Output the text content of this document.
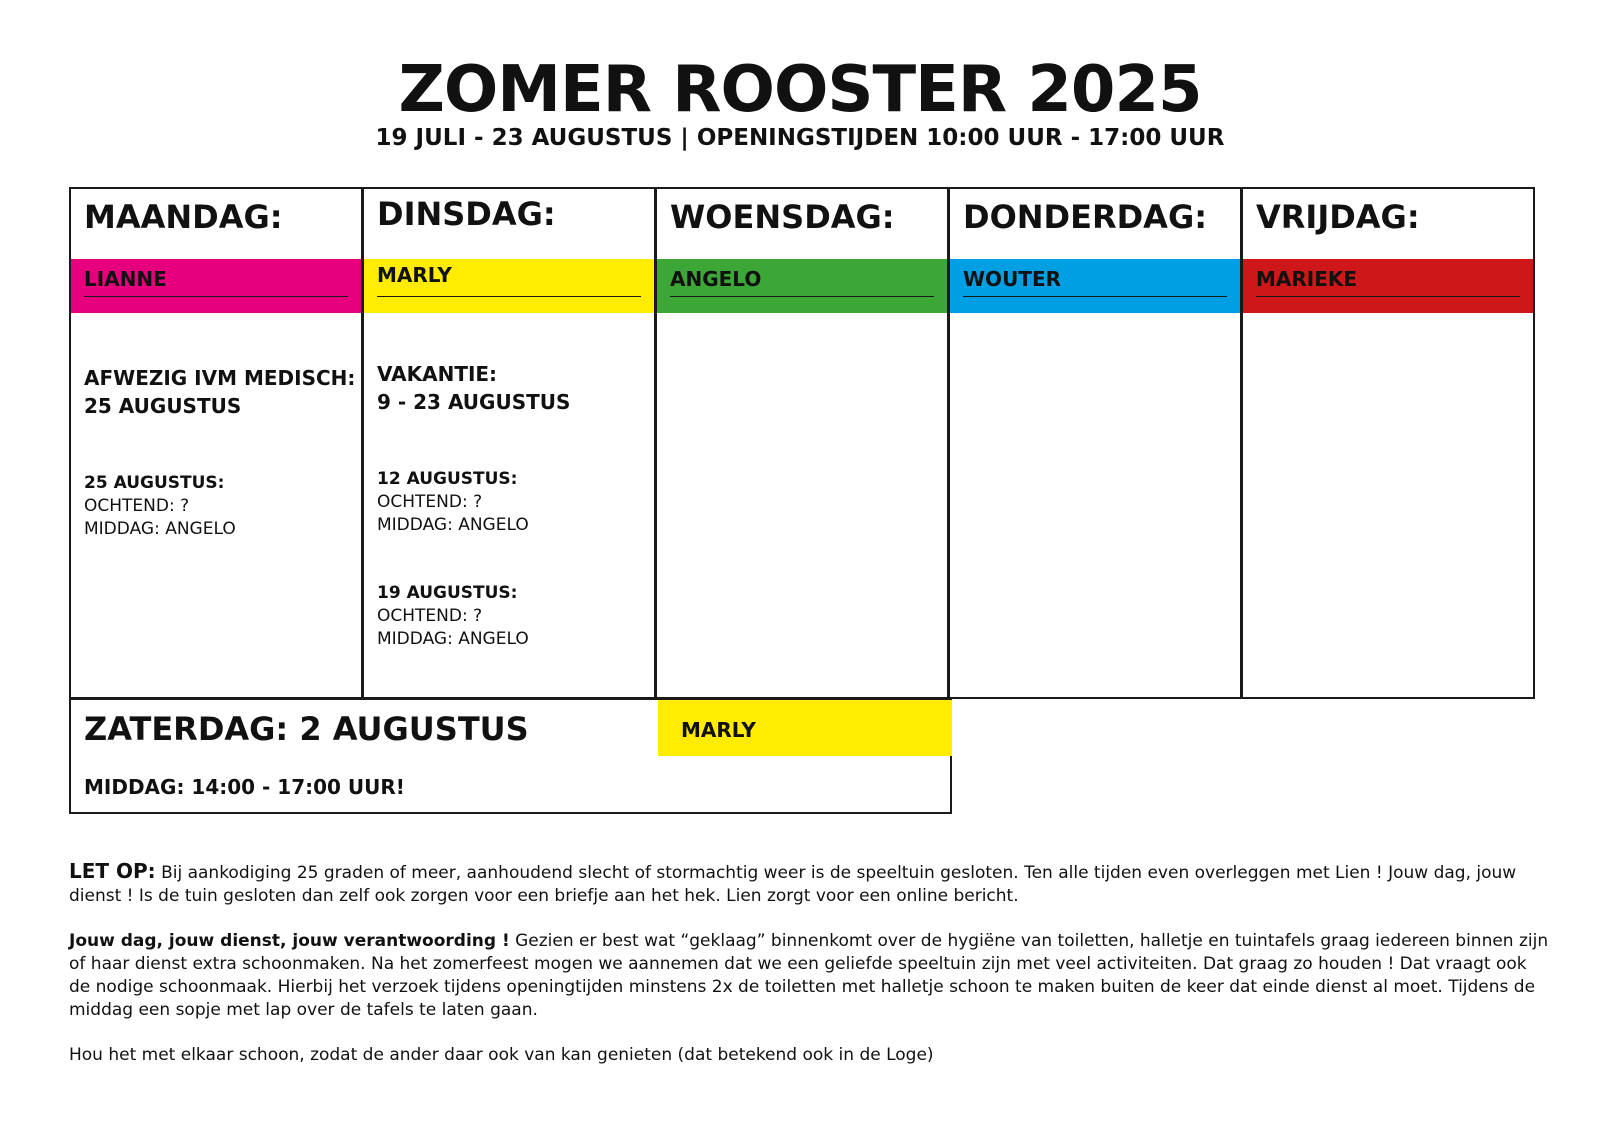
ZOMER ROOSTER 2025
19 JULI - 23 AUGUSTUS | OPENINGSTIJDEN 10:00 UUR - 17:00 UUR
MAANDAG:
LIANNE
AFWEZIG IVM MEDISCH:
25 AUGUSTUS
25 AUGUSTUS:
OCHTEND: ?
MIDDAG: ANGELO
DINSDAG:
MARLY
VAKANTIE:
9 - 23 AUGUSTUS
12 AUGUSTUS:
OCHTEND: ?
MIDDAG: ANGELO
19 AUGUSTUS:
OCHTEND: ?
MIDDAG: ANGELO
WOENSDAG:
ANGELO
DONDERDAG:
WOUTER
VRIJDAG:
MARIEKE
ZATERDAG: 2 AUGUSTUS
MIDDAG: 14:00 - 17:00 UUR!
MARLY

LET OP: Bij aankodiging 25 graden of meer, aanhoudend slecht of stormachtig weer is de speeltuin gesloten. Ten alle tijden even overleggen met Lien ! Jouw dag, jouw dienst ! Is de tuin gesloten dan zelf ook zorgen voor een briefje aan het hek. Lien zorgt voor een online bericht.

Jouw dag, jouw dienst, jouw verantwoording ! Gezien er best wat “geklaag” binnenkomt over de hygiëne van toiletten, halletje en tuintafels graag iedereen binnen zijn of haar dienst extra schoonmaken. Na het zomerfeest mogen we aannemen dat we een geliefde speeltuin zijn met veel activiteiten. Dat graag zo houden ! Dat vraagt ook de nodige schoonmaak. Hierbij het verzoek tijdens openingtijden minstens 2x de toiletten met halletje schoon te maken buiten de keer dat einde dienst al moet. Tijdens de middag een sopje met lap over de tafels te laten gaan.

Hou het met elkaar schoon, zodat de ander daar ook van kan genieten (dat betekend ook in de Loge)
